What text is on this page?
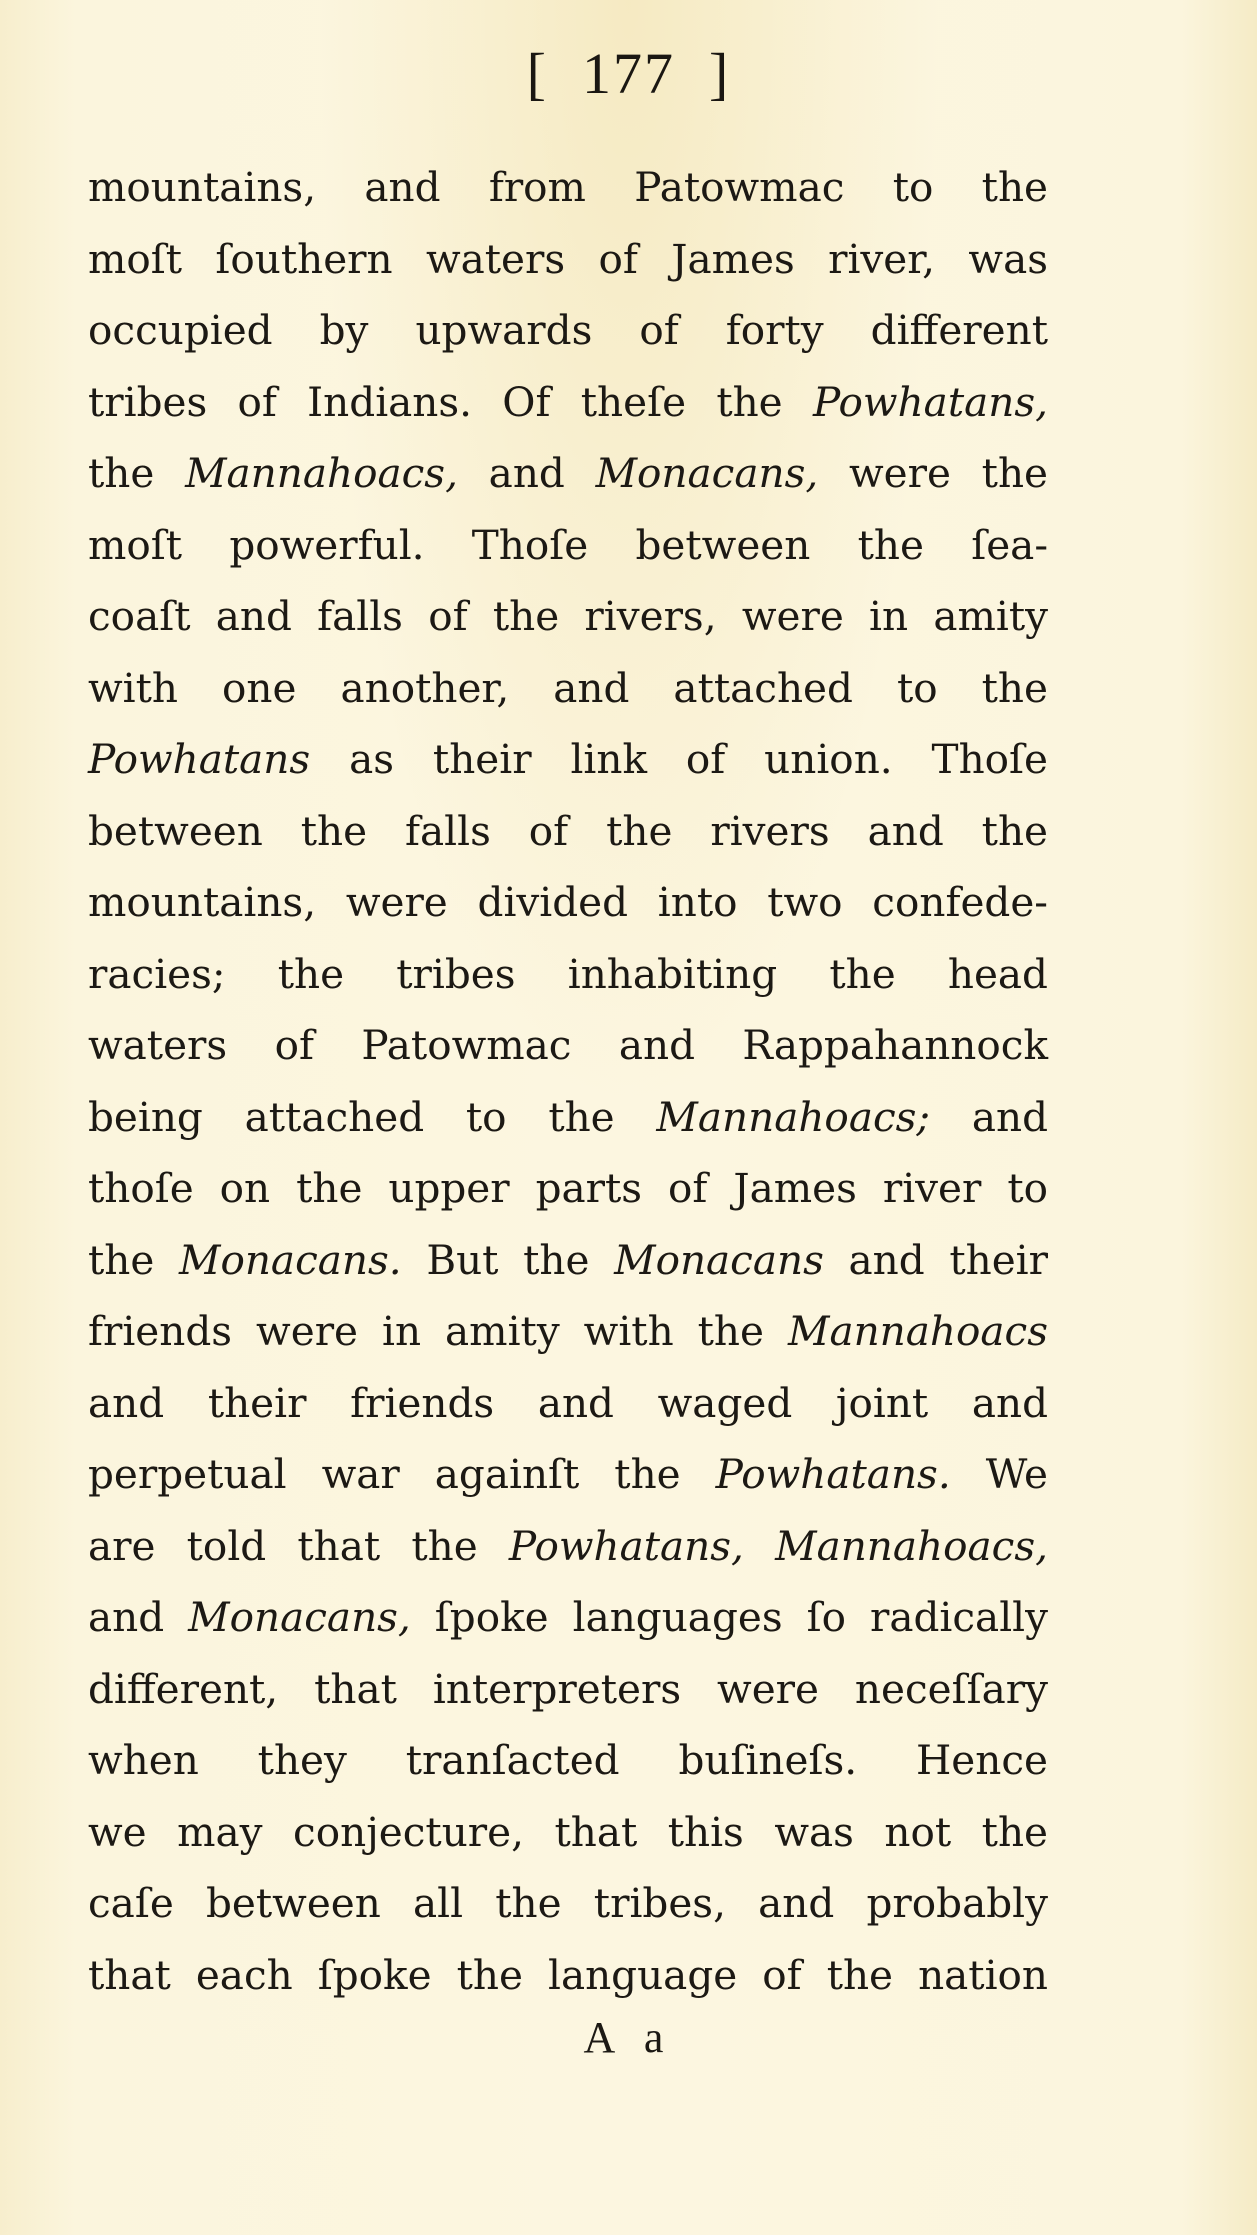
[ 177 ]
mountains, and from Patowmac to the
moſt ſouthern waters of James river, was
occupied by upwards of forty different
tribes of Indians. Of theſe the Powhatans,
the Mannahoacs, and Monacans, were the
moſt powerful. Thoſe between the ſea-
coaſt and falls of the rivers, were in amity
with one another, and attached to the
Powhatans as their link of union. Thoſe
between the falls of the rivers and the
mountains, were divided into two confede-
racies; the tribes inhabiting the head
waters of Patowmac and Rappahannock
being attached to the Mannahoacs; and
thoſe on the upper parts of James river to
the Monacans. But the Monacans and their
friends were in amity with the Mannahoacs
and their friends and waged joint and
perpetual war againſt the Powhatans. We
are told that the Powhatans, Mannahoacs,
and Monacans, ſpoke languages ſo radically
different, that interpreters were neceſſary
when they tranſacted buſineſs. Hence
we may conjecture, that this was not the
caſe between all the tribes, and probably
that each ſpoke the language of the nation
A a
